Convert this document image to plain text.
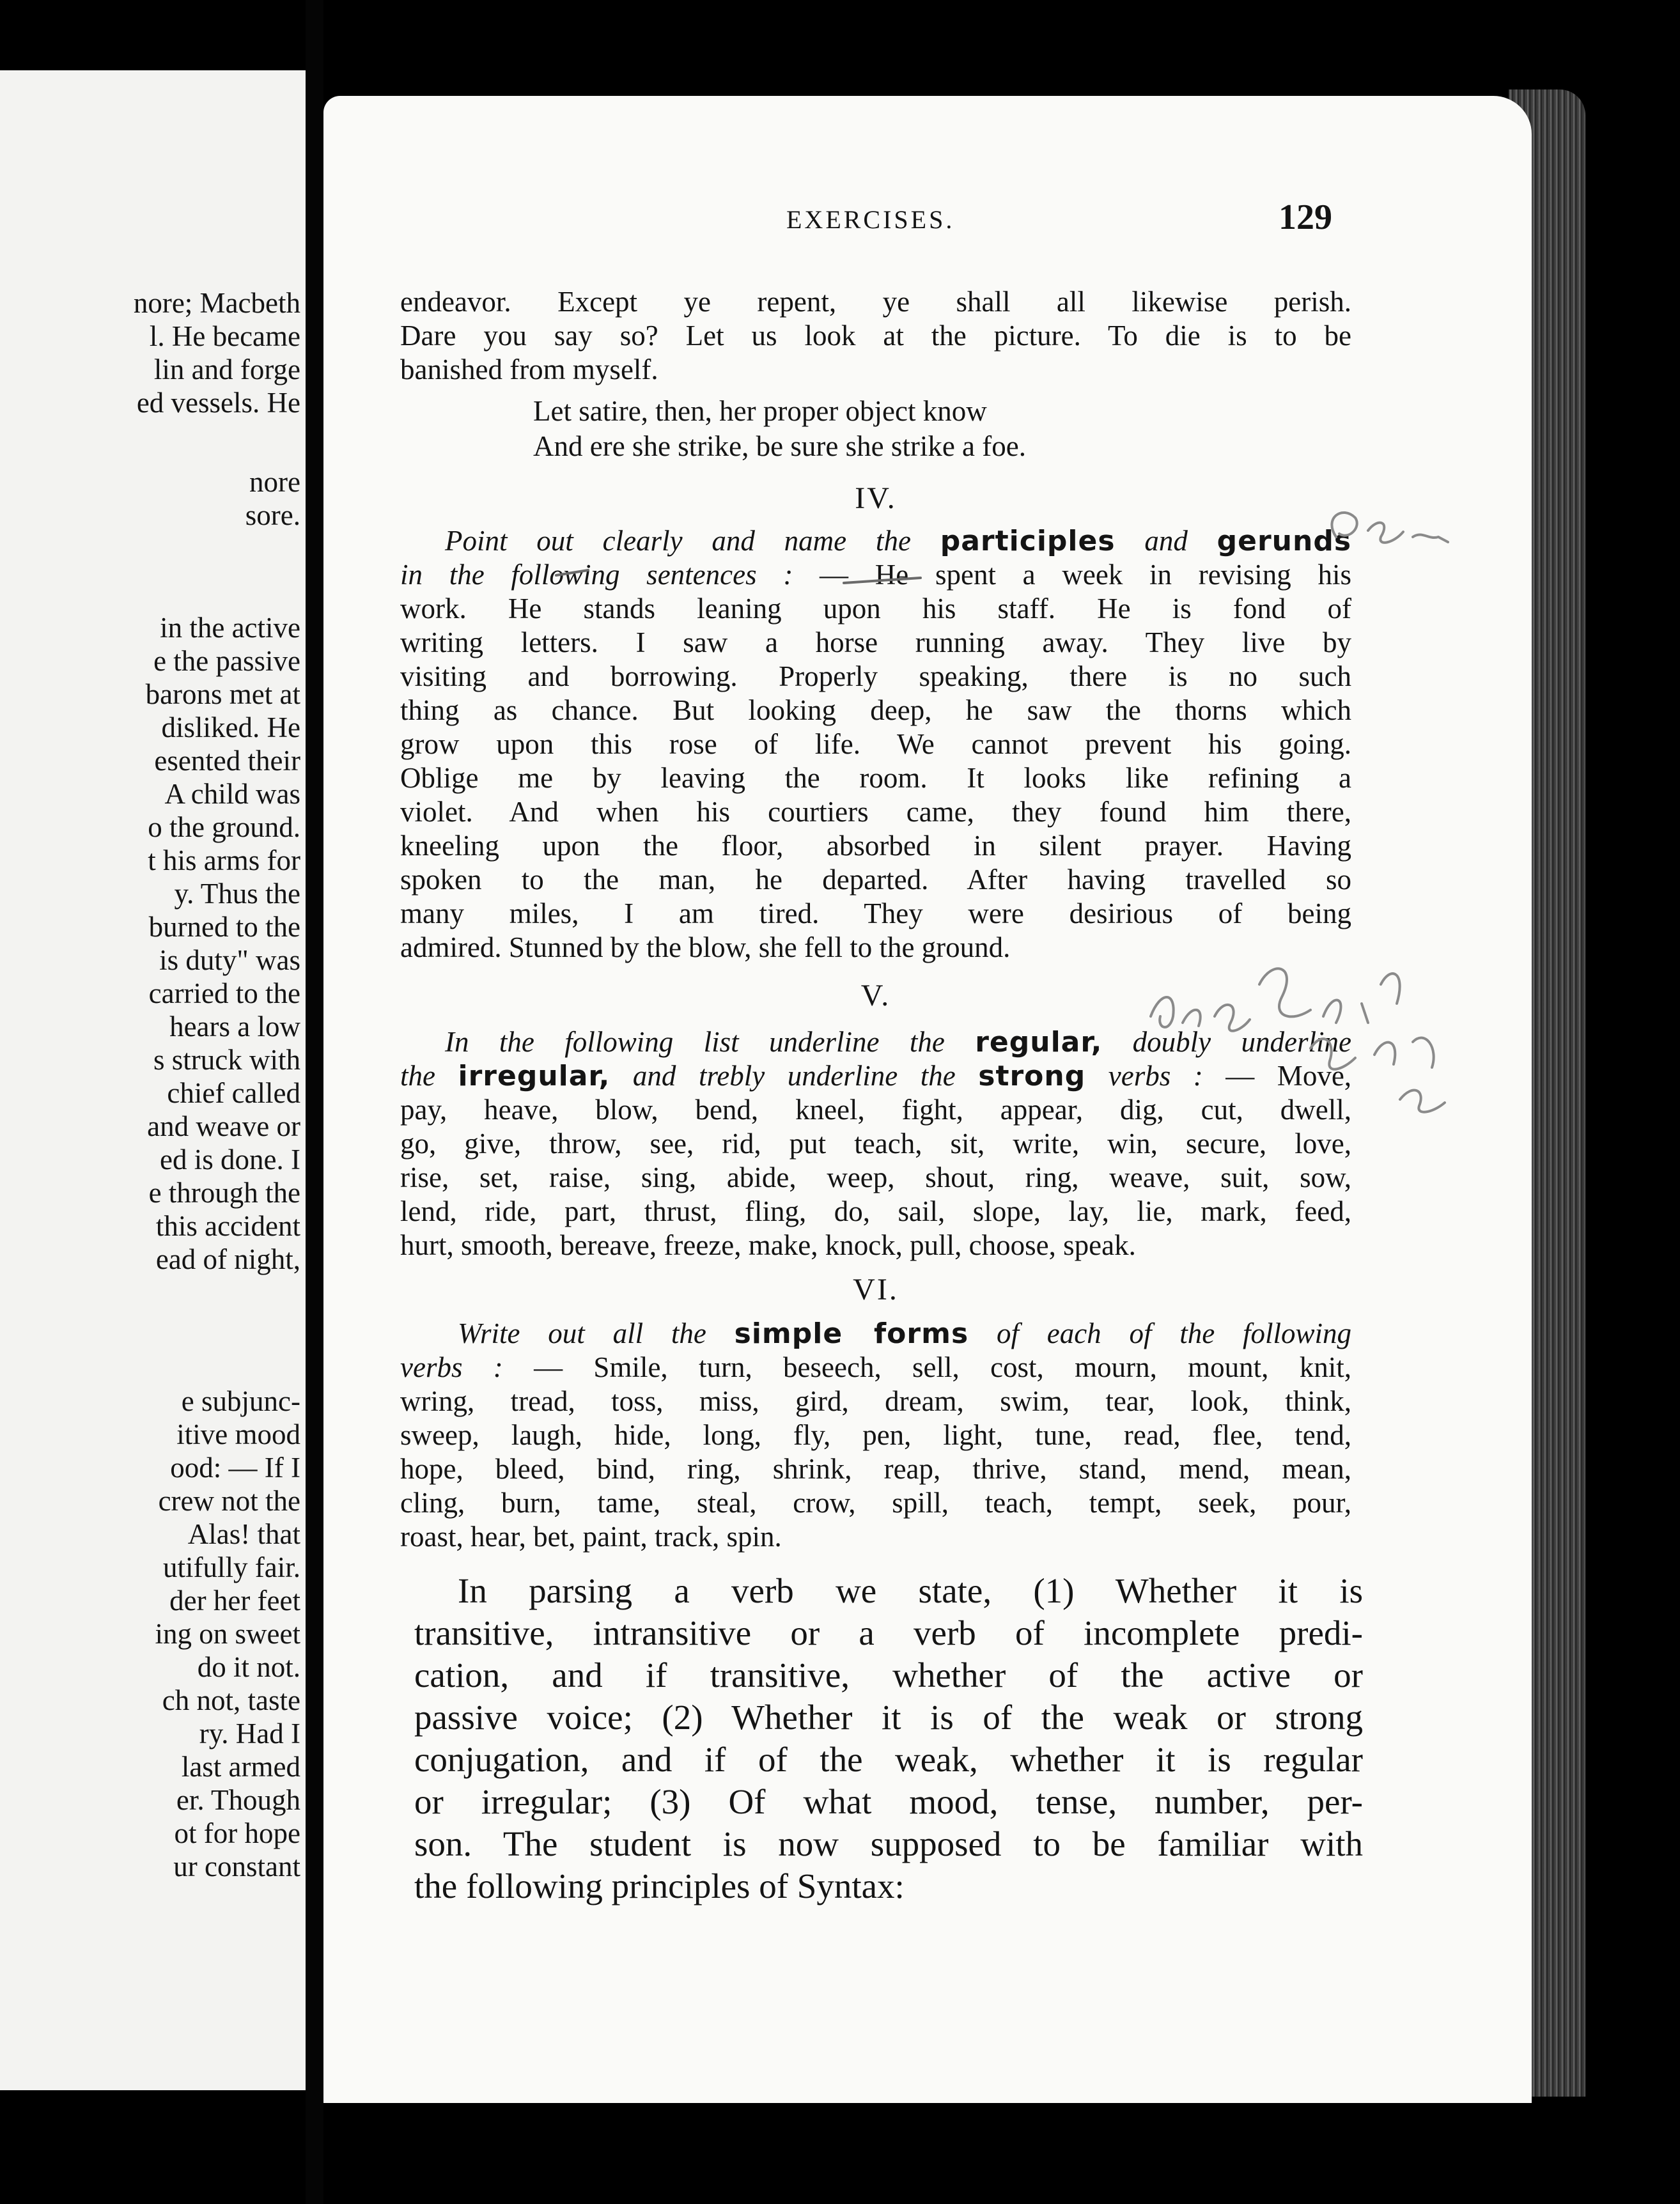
nore; Macbeth
l. He became
lin and forge
ed vessels. He
nore
sore.
in the active
e the passive
barons met at
disliked. He
esented their
A child was
o the ground.
t his arms for
y. Thus the
burned to the
is duty" was
carried to the
hears a low
s struck with
chief called
and weave or
ed is done. I
e through the
this accident
ead of night,
e subjunc-
itive mood
ood: — If I
crew not the
Alas! that
utifully fair.
der her feet
ing on sweet
do it not.
ch not, taste
ry. Had I
last armed
er. Though
ot for hope
ur constant
EXERCISES.	129
endeavor. Except ye repent, ye shall all likewise perish.
Dare you say so? Let us look at the picture. To die is to be
banished from myself.
Let satire, then, her proper object know
And ere she strike, be sure she strike a foe.
IV.
Point out clearly and name the participles and gerunds
in the following sentences : — He spent a week in revising his
work. He stands leaning upon his staff. He is fond of
writing letters. I saw a horse running away. They live by
visiting and borrowing. Properly speaking, there is no such
thing as chance. But looking deep, he saw the thorns which
grow upon this rose of life. We cannot prevent his going.
Oblige me by leaving the room. It looks like refining a
violet. And when his courtiers came, they found him there,
kneeling upon the floor, absorbed in silent prayer. Having
spoken to the man, he departed. After having travelled so
many miles, I am tired. They were desirious of being
admired. Stunned by the blow, she fell to the ground.
V.
In the following list underline the regular, doubly underline
the irregular, and trebly underline the strong verbs : — Move,
pay, heave, blow, bend, kneel, fight, appear, dig, cut, dwell,
go, give, throw, see, rid, put teach, sit, write, win, secure, love,
rise, set, raise, sing, abide, weep, shout, ring, weave, suit, sow,
lend, ride, part, thrust, fling, do, sail, slope, lay, lie, mark, feed,
hurt, smooth, bereave, freeze, make, knock, pull, choose, speak.
VI.
Write out all the simple forms of each of the following
verbs : — Smile, turn, beseech, sell, cost, mourn, mount, knit,
wring, tread, toss, miss, gird, dream, swim, tear, look, think,
sweep, laugh, hide, long, fly, pen, light, tune, read, flee, tend,
hope, bleed, bind, ring, shrink, reap, thrive, stand, mend, mean,
cling, burn, tame, steal, crow, spill, teach, tempt, seek, pour,
roast, hear, bet, paint, track, spin.
In parsing a verb we state, (1) Whether it is
transitive, intransitive or a verb of incomplete predi-
cation, and if transitive, whether of the active or
passive voice; (2) Whether it is of the weak or strong
conjugation, and if of the weak, whether it is regular
or irregular; (3) Of what mood, tense, number, per-
son. The student is now supposed to be familiar with
the following principles of Syntax:
